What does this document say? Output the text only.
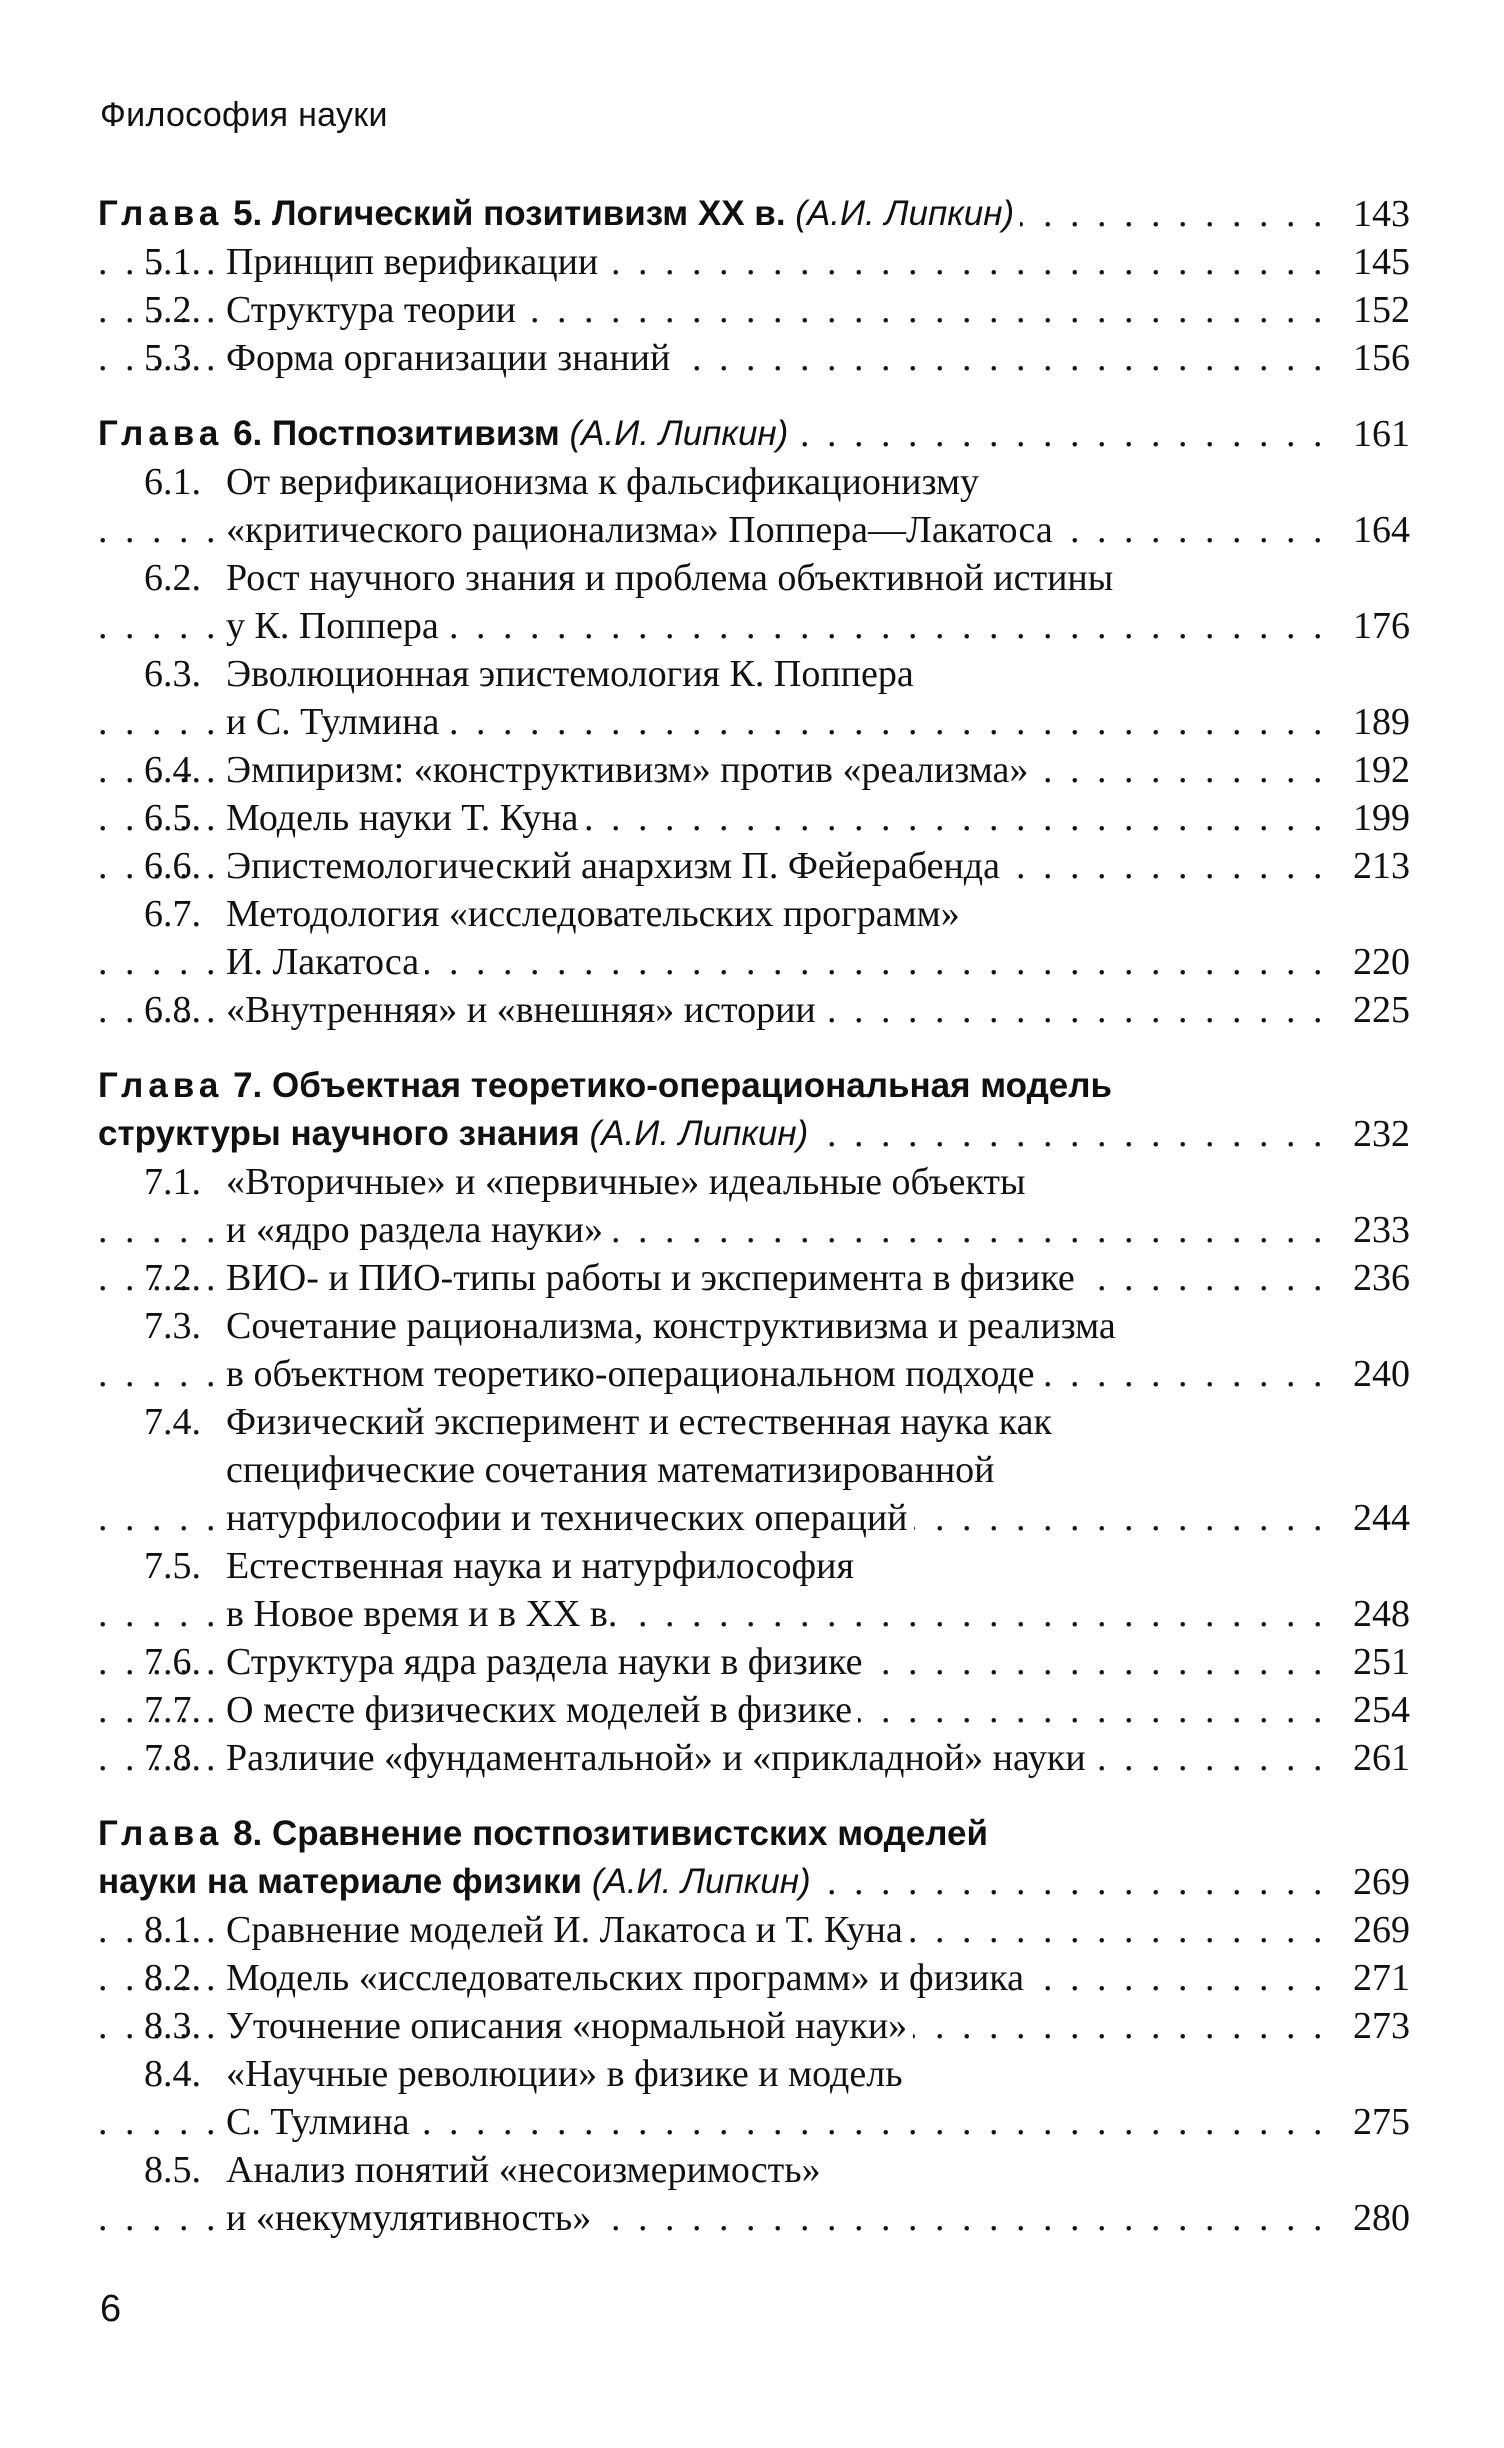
Философия науки
. . . Глава 5. Логический позитивизм XX в. (А.И. Липкин)	143
. . . 5.1. Принцип верификации	145
. . . 5.2. Структура теории	152
. . . 5.3. Форма организации знаний	156
. . . Глава 6. Постпозитивизм (А.И. Липкин)	161
6.1. От верификационизма к фальсификационизму
. . . «критического рационализма» Поппера—Лакатоса	164
6.2. Рост научного знания и проблема объективной истины
. . . у К. Поппера	176
6.3. Эволюционная эпистемология К. Поппера
. . . и С. Тулмина	189
. . . 6.4. Эмпиризм: «конструктивизм» против «реализма»	192
. . . 6.5. Модель науки Т. Куна	199
. . . 6.6. Эпистемологический анархизм П. Фейерабенда	213
6.7. Методология «исследовательских программ»
. . . И. Лакатоса	220
. . . 6.8. «Внутренняя» и «внешняя» истории	225
Глава 7. Объектная теоретико-операциональная модель
. . . структуры научного знания (А.И. Липкин)	232
7.1. «Вторичные» и «первичные» идеальные объекты
. . . и «ядро раздела науки»	233
. . . 7.2. ВИО- и ПИО-типы работы и эксперимента в физике	236
7.3. Сочетание рационализма, конструктивизма и реализма
. . . в объектном теоретико-операциональном подходе	240
7.4. Физический эксперимент и естественная наука как
специфические сочетания математизированной
. . . натурфилософии и технических операций	244
7.5. Естественная наука и натурфилософия
. . . в Новое время и в XX в.	248
. . . 7.6. Структура ядра раздела науки в физике	251
. . . 7.7. О месте физических моделей в физике	254
. . . 7.8. Различие «фундаментальной» и «прикладной» науки	261
Глава 8. Сравнение постпозитивистских моделей
. . . науки на материале физики (А.И. Липкин)	269
. . . 8.1. Сравнение моделей И. Лакатоса и Т. Куна	269
. . . 8.2. Модель «исследовательских программ» и физика	271
. . . 8.3. Уточнение описания «нормальной науки»	273
8.4. «Научные революции» в физике и модель
. . . С. Тулмина	275
8.5. Анализ понятий «несоизмеримость»
. . . и «некумулятивность»	280
6
